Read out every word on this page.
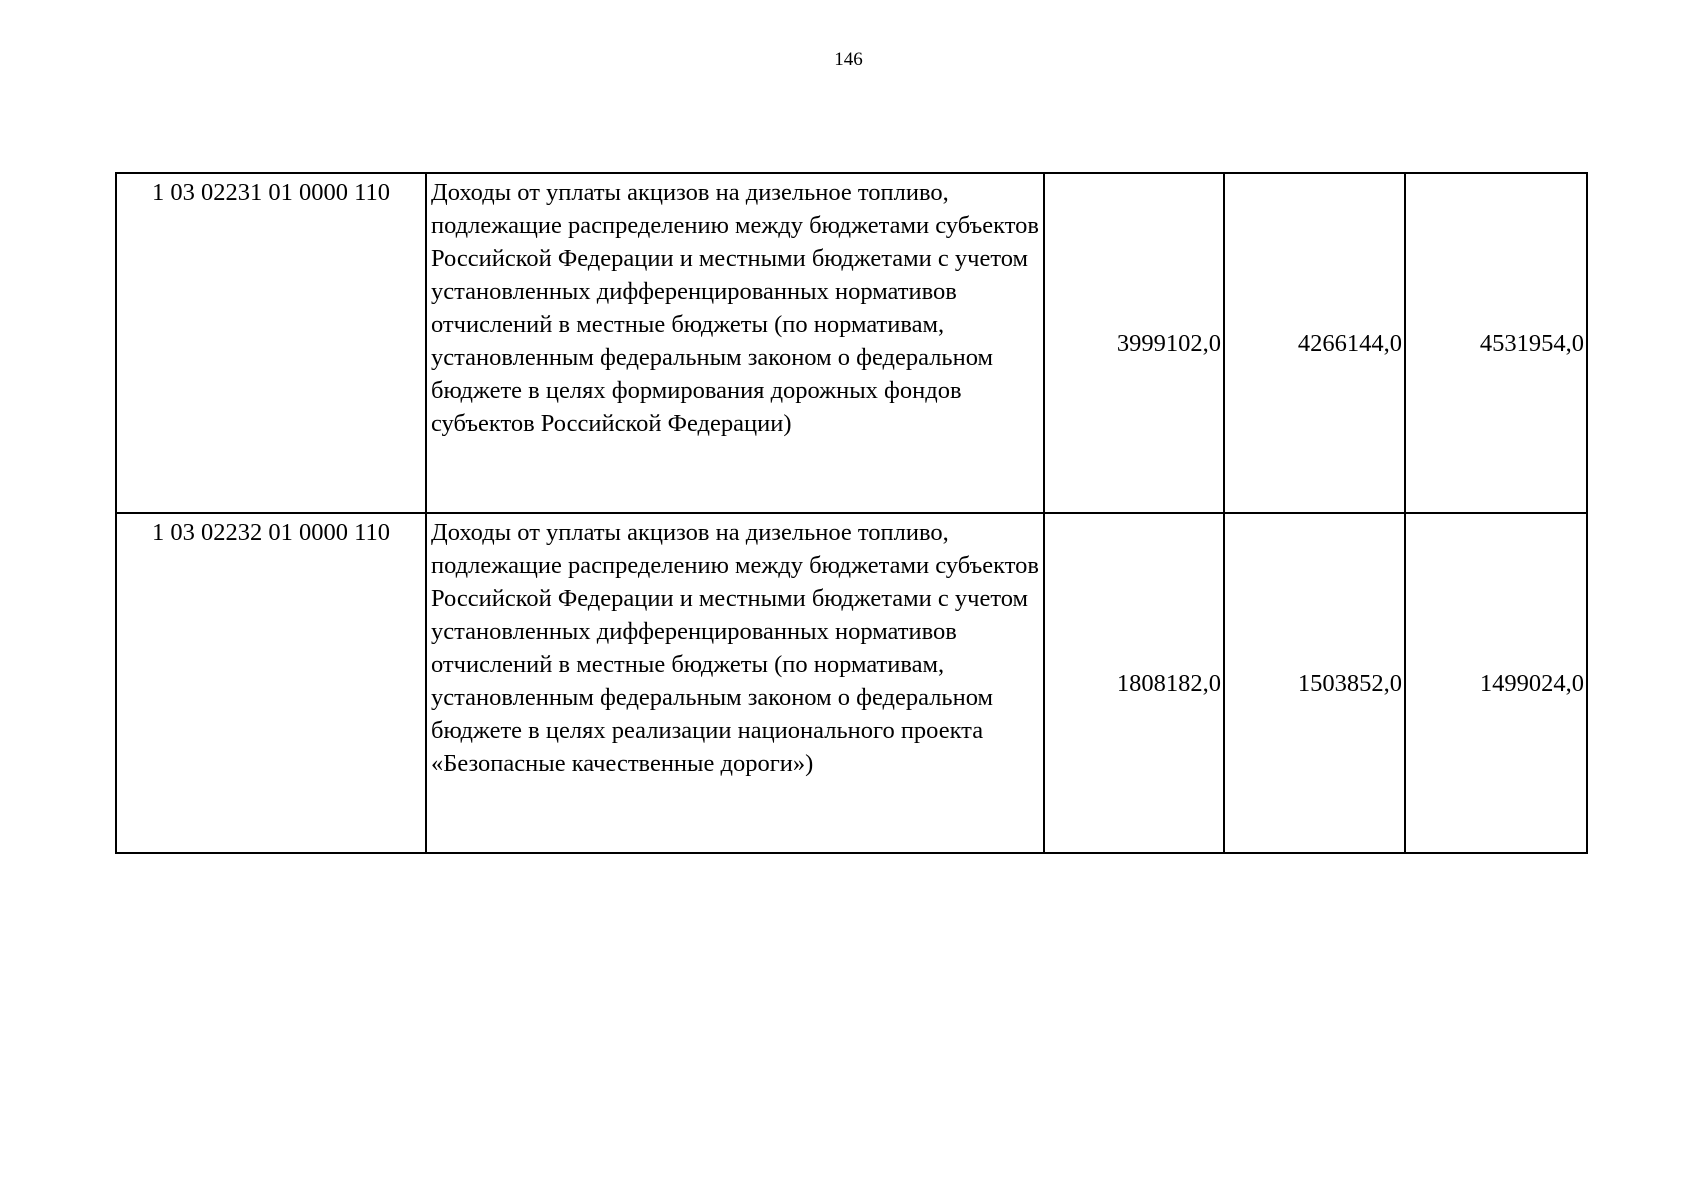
146
1 03 02231 01 0000 110	Доходы от уплаты акцизов на дизельное топливо, подлежащие распределению между бюджетами субъектов Российской Федерации и местными бюджетами с учетом установленных дифференцированных нормативов отчислений в местные бюджеты (по нормативам, установленным федеральным законом о федеральном бюджете в целях формирования дорожных фондов субъектов Российской Федерации)	3999102,0	4266144,0	4531954,0
1 03 02232 01 0000 110	Доходы от уплаты акцизов на дизельное топливо, подлежащие распределению между бюджетами субъектов Российской Федерации и местными бюджетами с учетом установленных дифференцированных нормативов отчислений в местные бюджеты (по нормативам, установленным федеральным законом о федеральном бюджете в целях реализации национального проекта «Безопасные качественные дороги»)	1808182,0	1503852,0	1499024,0
